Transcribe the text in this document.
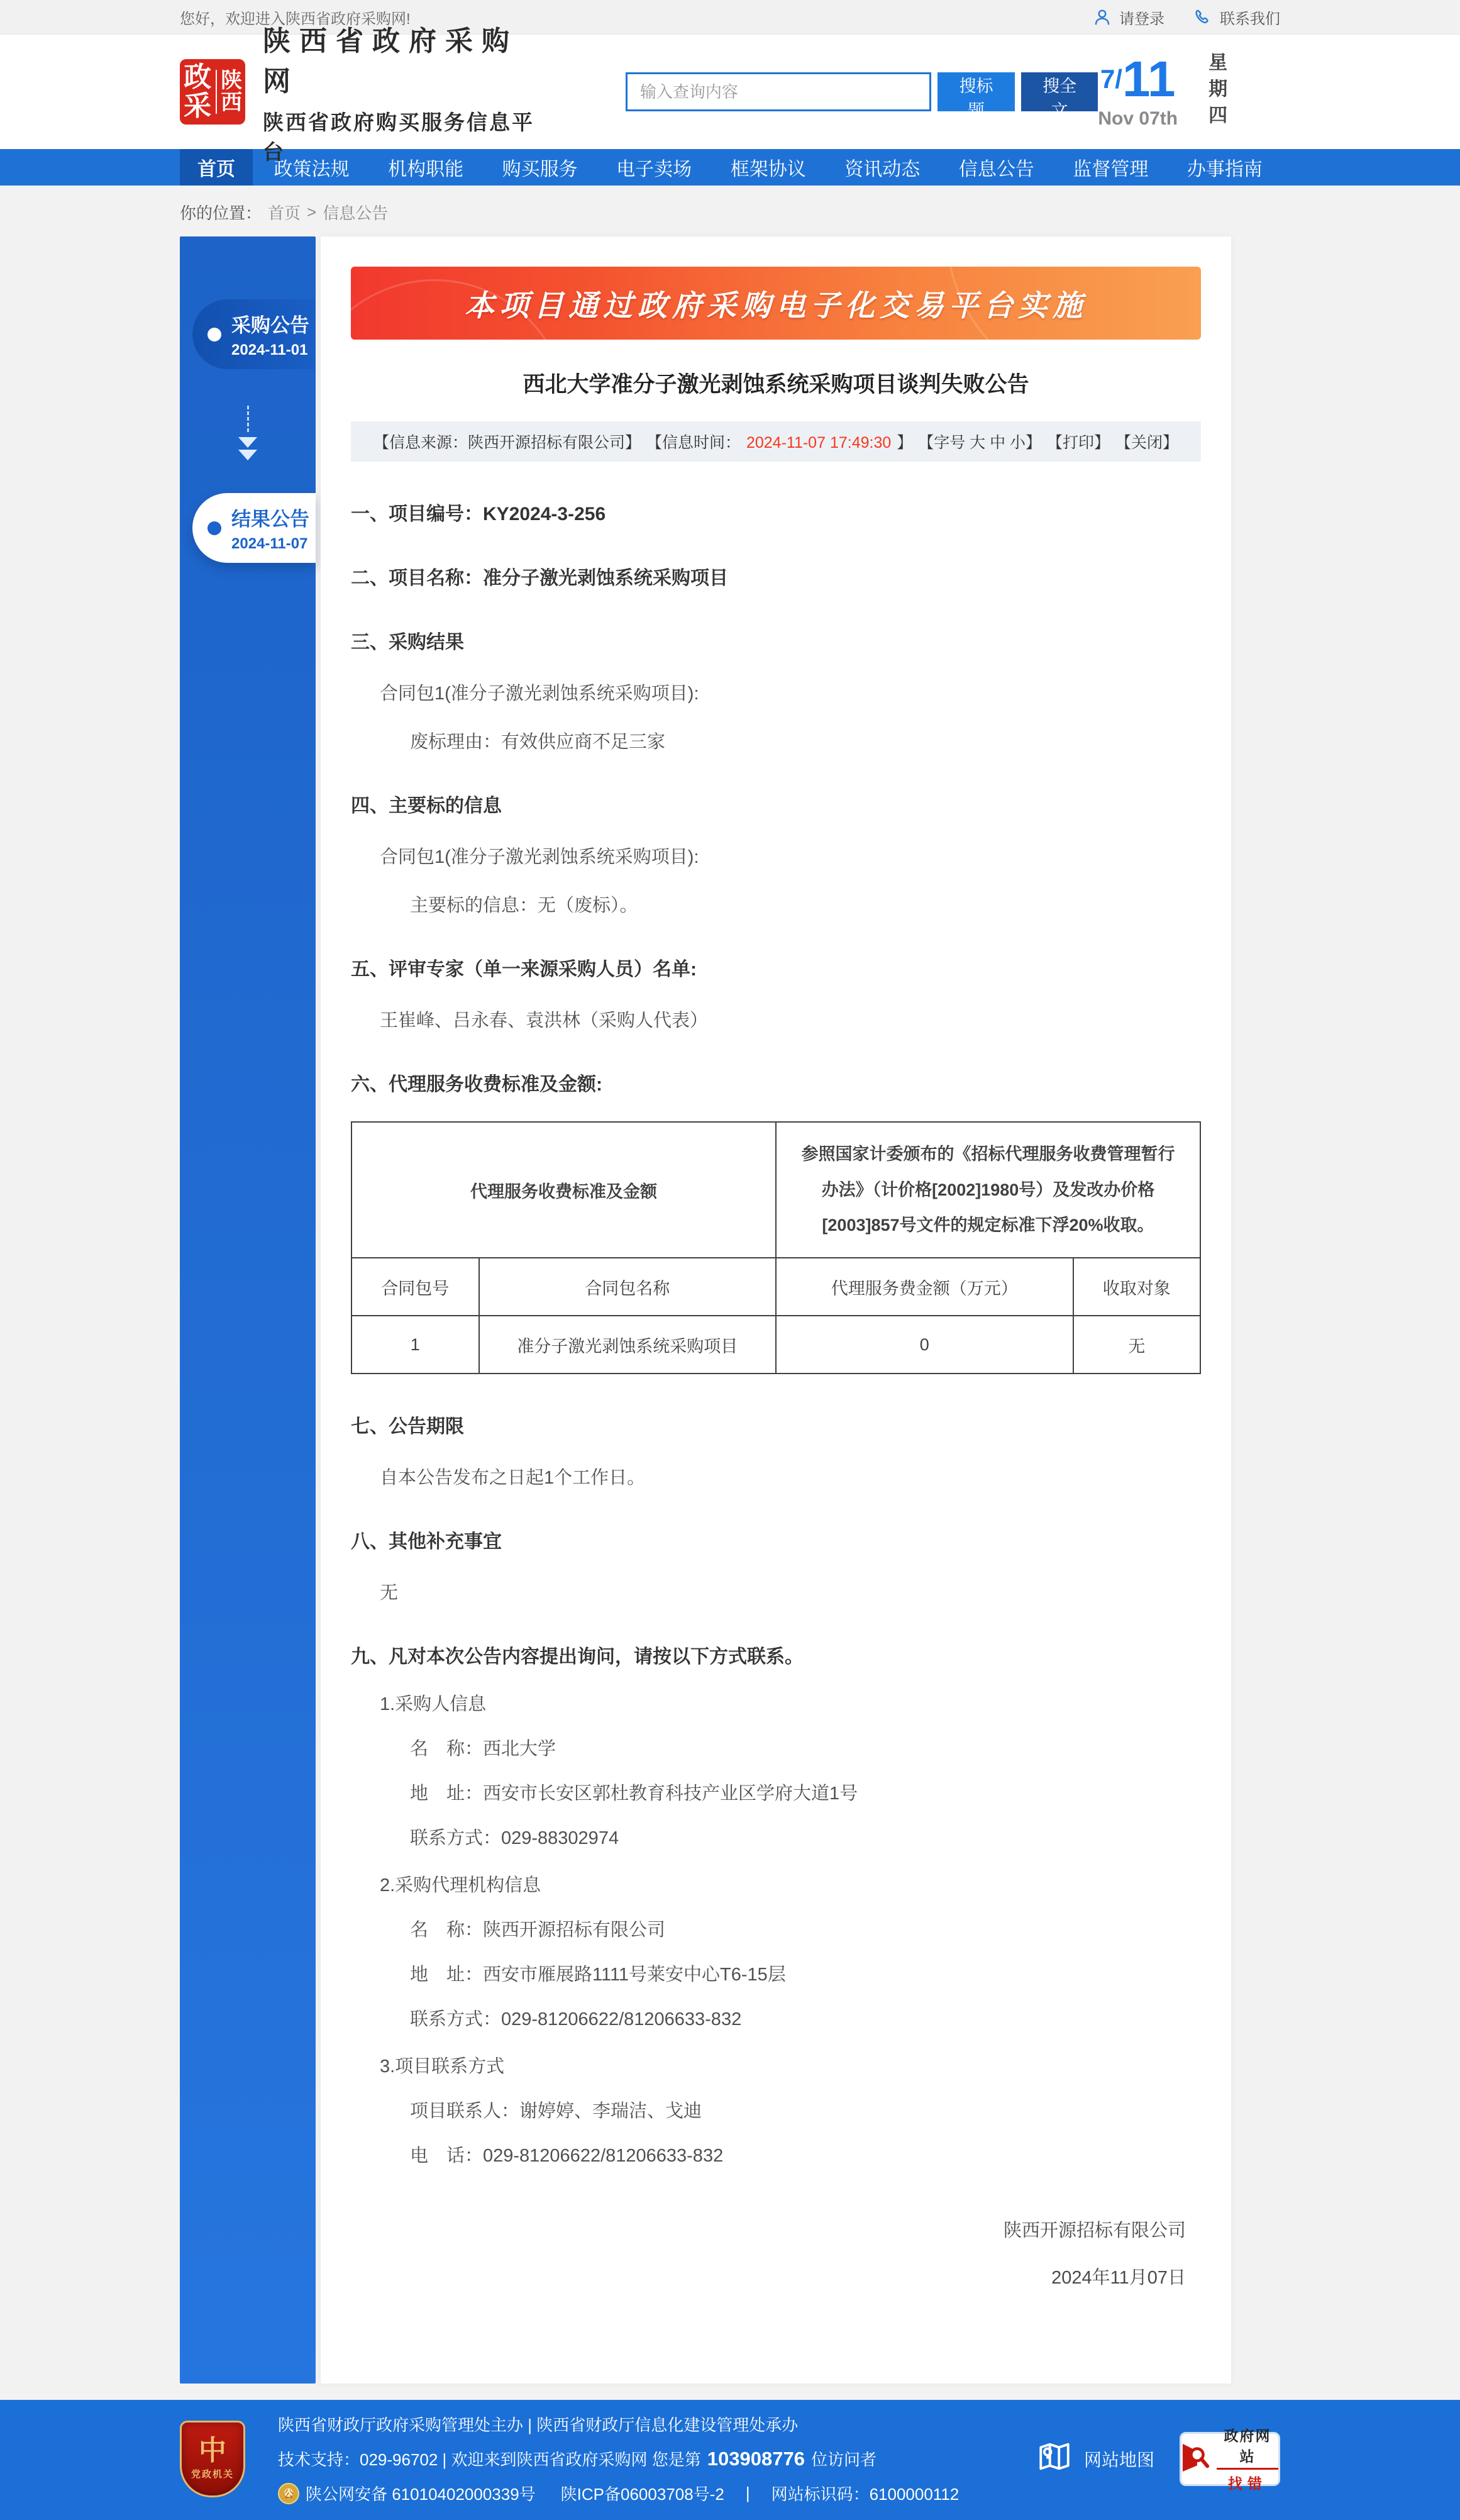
您好，欢迎进入陕西省政府采购网!	请登录	联系我们
政采
陕西
陕西省政府采购网
陕西省政府购买服务信息平台
输入查询内容
搜标题
搜全文
7/ 11
Nov 07th 星期四
首页	政策法规	机构职能	购买服务	电子卖场	框架协议	资讯动态	信息公告	监督管理	办事指南
你的位置： 首页 > 信息公告
采购公告
2024-11-01
结果公告
2024-11-07
本项目通过政府采购电子化交易平台实施
西北大学准分子激光剥蚀系统采购项目谈判失败公告
【信息来源：陕西开源招标有限公司】 【信息时间： 2024-11-07 17:49:30 】 【字号 大 中 小】 【打印】 【关闭】
一、项目编号：KY2024-3-256
二、项目名称：准分子激光剥蚀系统采购项目
三、采购结果
合同包1(准分子激光剥蚀系统采购项目):
废标理由：有效供应商不足三家
四、主要标的信息
合同包1(准分子激光剥蚀系统采购项目):
主要标的信息：无（废标）。
五、评审专家（单一来源采购人员）名单:
王崔峰、吕永春、袁洪林（采购人代表）
六、代理服务收费标准及金额:
代理服务收费标准及金额		参照国家计委颁布的《招标代理服务收费管理暂行办法》（计价格[2002]1980号）及发改办价格[2003]857号文件的规定标准下浮20%收取。	
合同包号	合同包名称	代理服务费金额（万元）	收取对象
1	准分子激光剥蚀系统采购项目	0	无
七、公告期限
自本公告发布之日起1个工作日。
八、其他补充事宜
无
九、凡对本次公告内容提出询问，请按以下方式联系。
1.采购人信息
名　称：西北大学
地　址：西安市长安区郭杜教育科技产业区学府大道1号
联系方式：029-88302974
2.采购代理机构信息
名　称：陕西开源招标有限公司
地　址：西安市雁展路1111号莱安中心T6-15层
联系方式：029-81206622/81206633-832
3.项目联系方式
项目联系人：谢婷婷、李瑞洁、戈迪
电　话：029-81206622/81206633-832
陕西开源招标有限公司
2024年11月07日
中
党政机关
陕西省财政厅政府采购管理处主办 | 陕西省财政厅信息化建设管理处承办
技术支持：029-96702 | 欢迎来到陕西省政府采购网 您是第 103908776 位访问者
公 陕公网安备 61010402000339号 陕ICP备06003708号-2 | 网站标识码：6100000112
网站地图
政府网站
找错
